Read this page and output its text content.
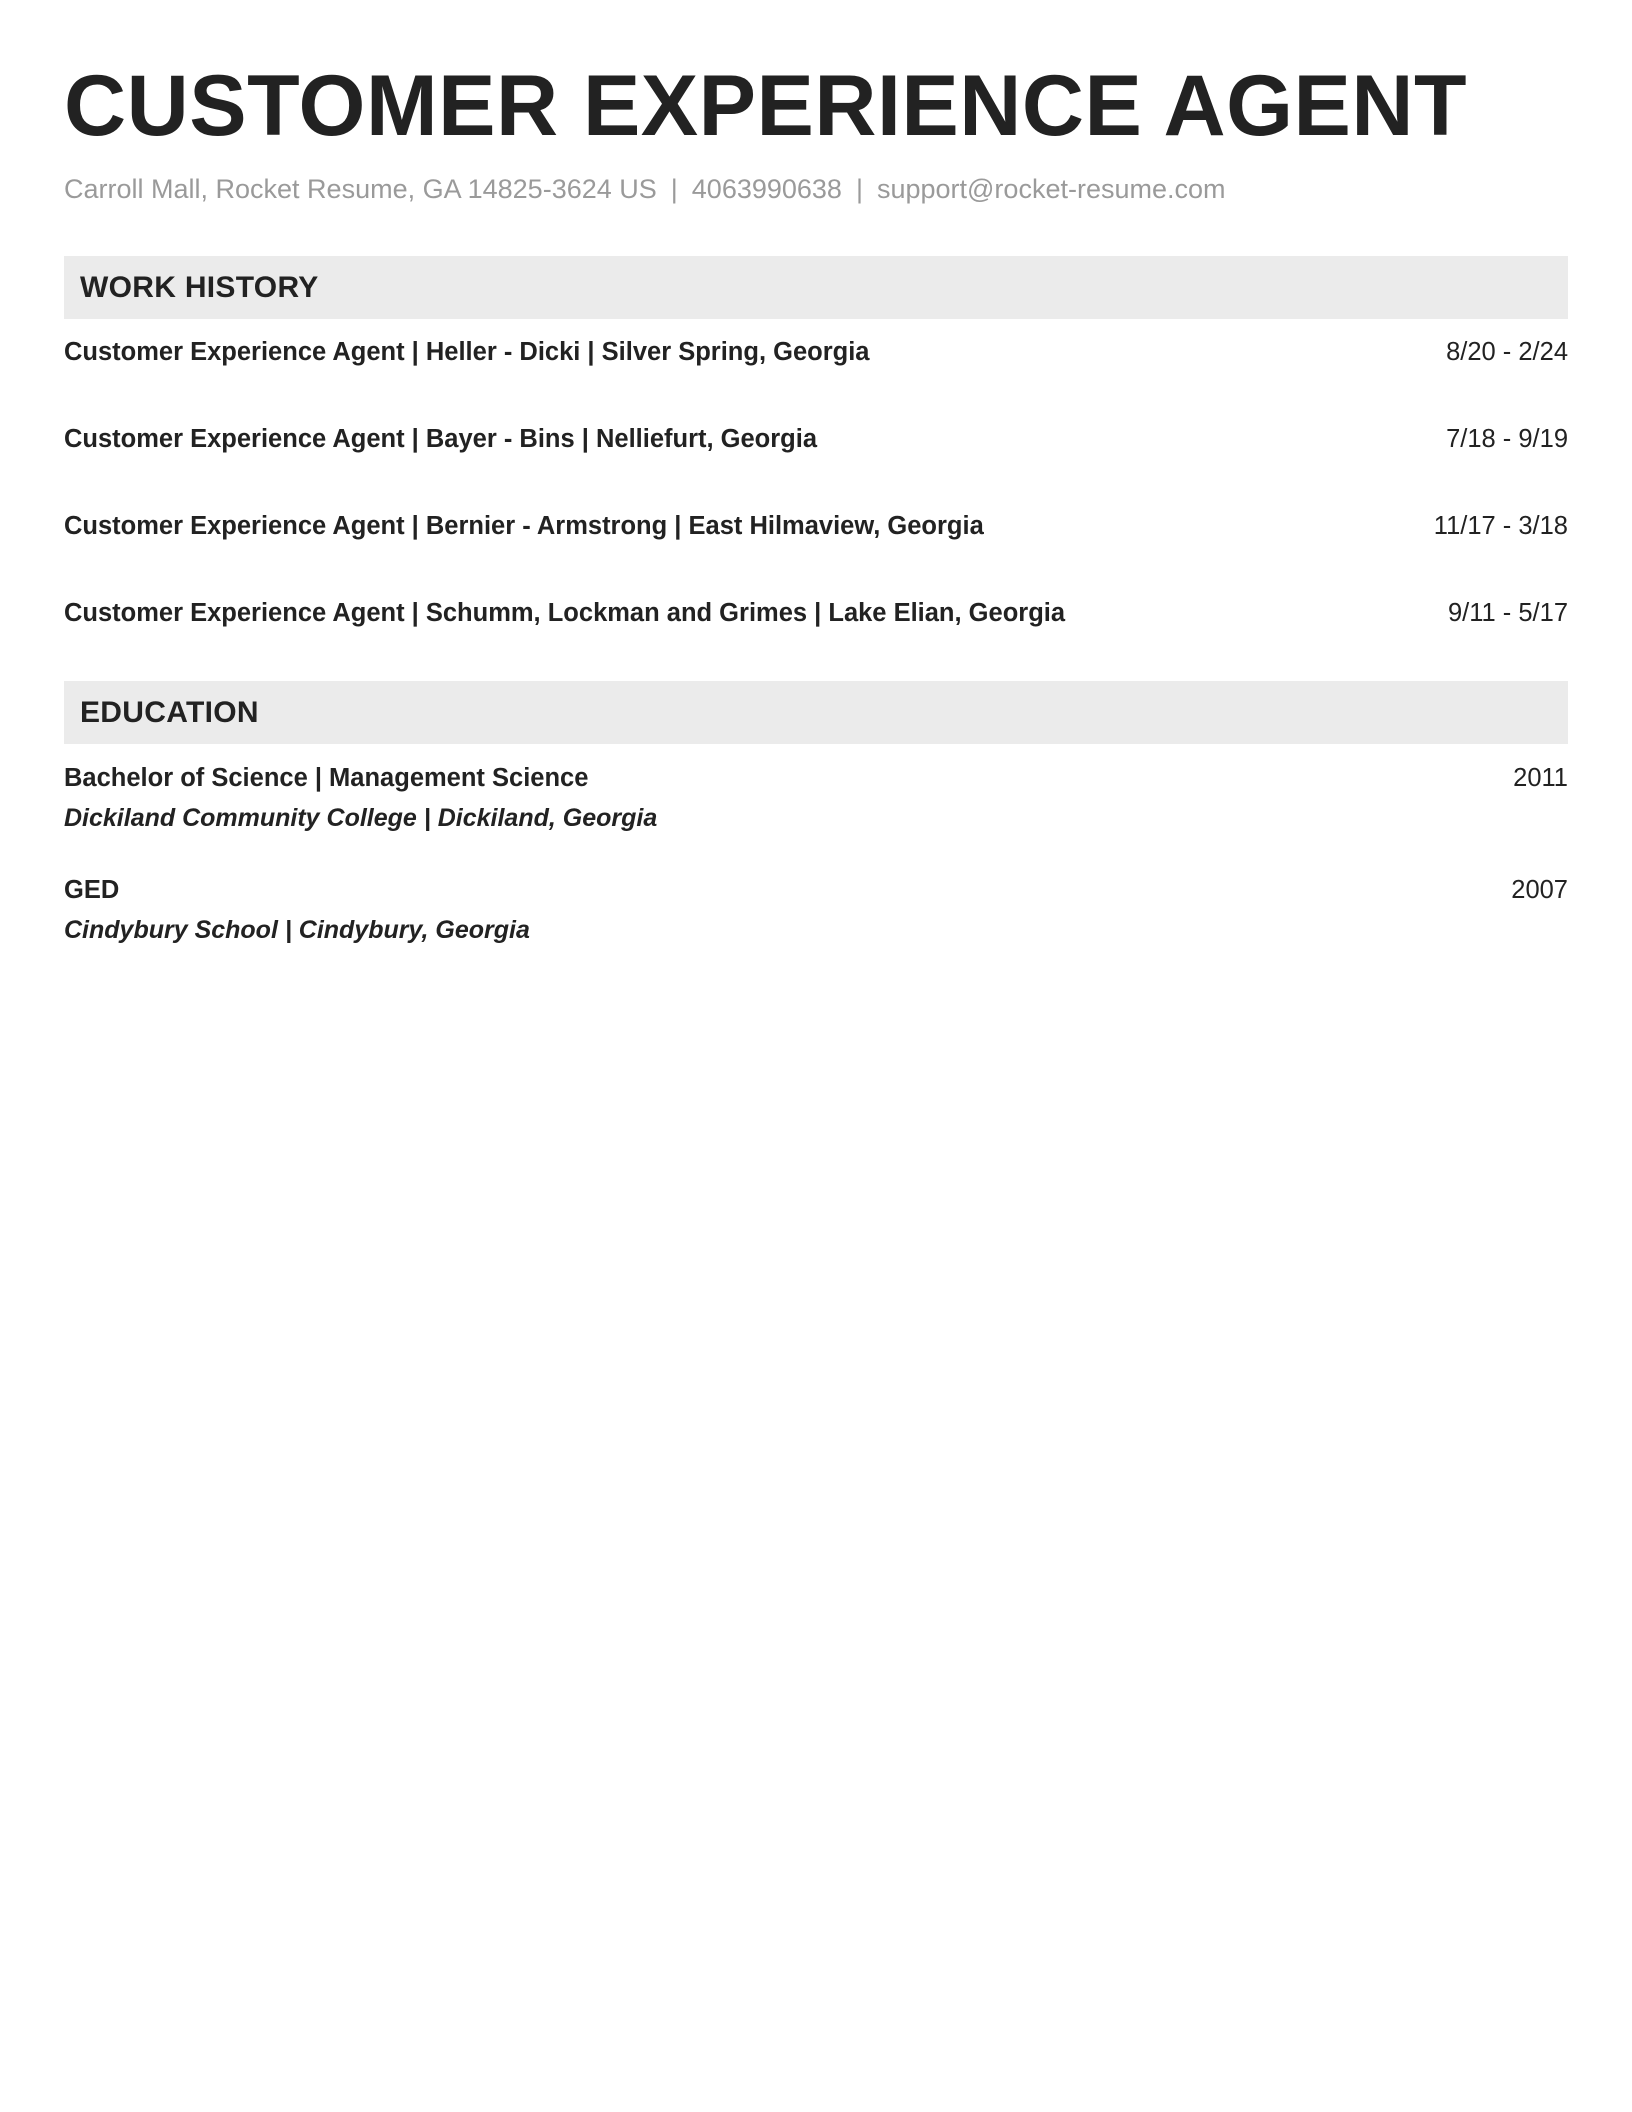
CUSTOMER EXPERIENCE AGENT
Carroll Mall, Rocket Resume, GA 14825-3624 US | 4063990638 | support@rocket-resume.com
WORK HISTORY
Customer Experience Agent | Heller - Dicki | Silver Spring, Georgia	8/20 - 2/24
Customer Experience Agent | Bayer - Bins | Nelliefurt, Georgia	7/18 - 9/19
Customer Experience Agent | Bernier - Armstrong | East Hilmaview, Georgia	11/17 - 3/18
Customer Experience Agent | Schumm, Lockman and Grimes | Lake Elian, Georgia	9/11 - 5/17
EDUCATION
Bachelor of Science | Management Science	2011
Dickiland Community College | Dickiland, Georgia
GED	2007
Cindybury School | Cindybury, Georgia
